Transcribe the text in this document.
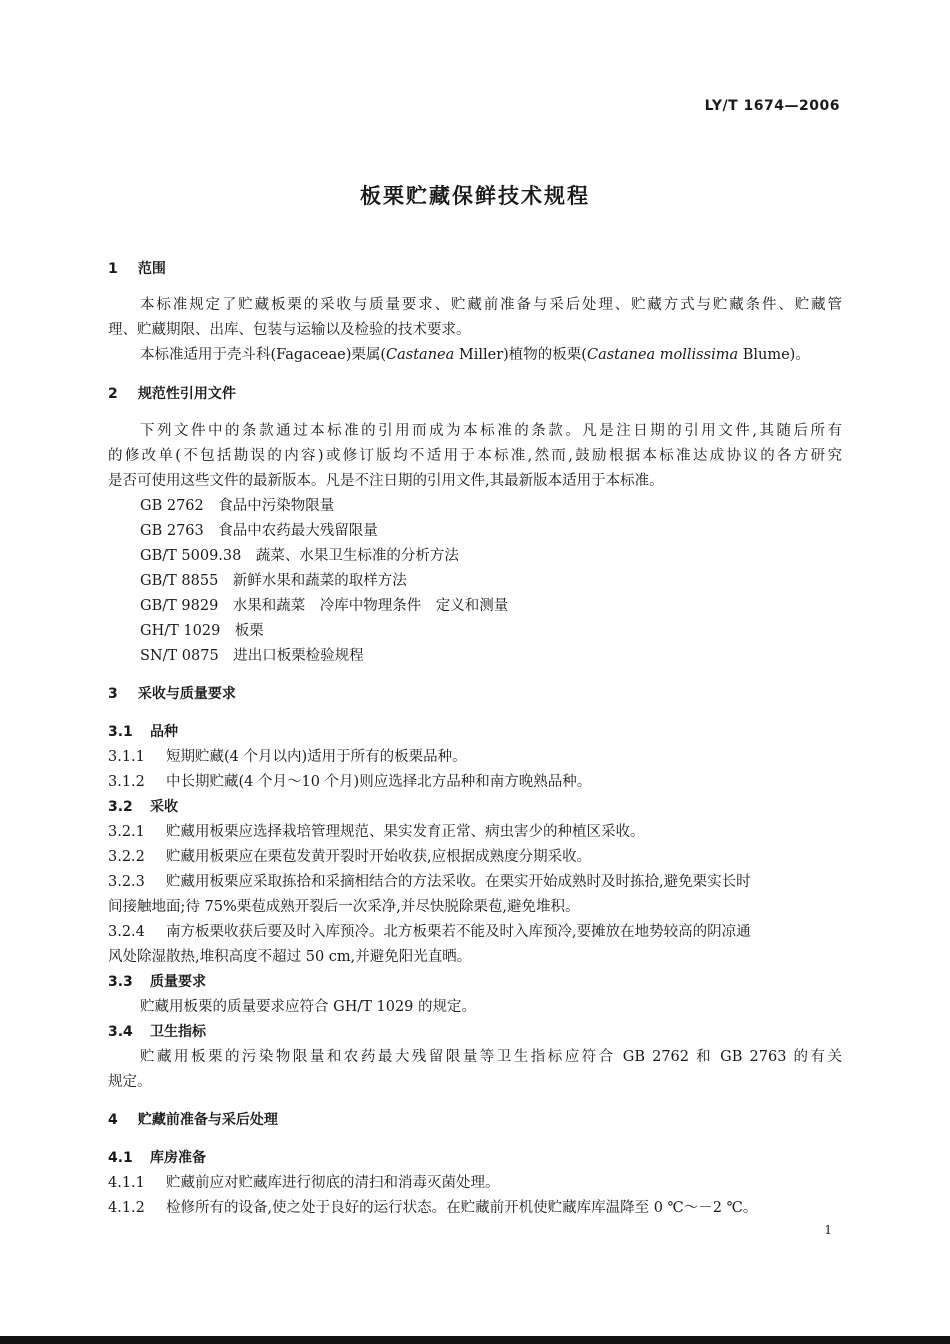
LY/T 1674—2006
板栗贮藏保鲜技术规程
1 范围
本标准规定了贮藏板栗的采收与质量要求、贮藏前准备与采后处理、贮藏方式与贮藏条件、贮藏管
理、贮藏期限、出库、包装与运输以及检验的技术要求。
本标准适用于壳斗科(Fagaceae)栗属(Castanea Miller)植物的板栗(Castanea mollissima Blume)。
2 规范性引用文件
下列文件中的条款通过本标准的引用而成为本标准的条款。凡是注日期的引用文件,其随后所有
的修改单(不包括勘误的内容)或修订版均不适用于本标准,然而,鼓励根据本标准达成协议的各方研究
是否可使用这些文件的最新版本。凡是不注日期的引用文件,其最新版本适用于本标准。
GB 2762　食品中污染物限量
GB 2763　食品中农药最大残留限量
GB/T 5009.38　蔬菜、水果卫生标准的分析方法
GB/T 8855　新鲜水果和蔬菜的取样方法
GB/T 9829　水果和蔬菜　冷库中物理条件　定义和测量
GH/T 1029　板栗
SN/T 0875　进出口板栗检验规程
3 采收与质量要求
3.1 品种
3.1.1 短期贮藏(4 个月以内)适用于所有的板栗品种。
3.1.2 中长期贮藏(4 个月～10 个月)则应选择北方品种和南方晚熟品种。
3.2 采收
3.2.1 贮藏用板栗应选择栽培管理规范、果实发育正常、病虫害少的种植区采收。
3.2.2 贮藏用板栗应在栗苞发黄开裂时开始收获,应根据成熟度分期采收。
3.2.3 贮藏用板栗应采取拣拾和采摘相结合的方法采收。在栗实开始成熟时及时拣拾,避免栗实长时
间接触地面;待 75%栗苞成熟开裂后一次采净,并尽快脱除栗苞,避免堆积。
3.2.4 南方板栗收获后要及时入库预冷。北方板栗若不能及时入库预冷,要摊放在地势较高的阴凉通
风处除湿散热,堆积高度不超过 50 cm,并避免阳光直晒。
3.3 质量要求
贮藏用板栗的质量要求应符合 GH/T 1029 的规定。
3.4 卫生指标
贮藏用板栗的污染物限量和农药最大残留限量等卫生指标应符合 GB 2762 和 GB 2763 的有关
规定。
4 贮藏前准备与采后处理
4.1 库房准备
4.1.1 贮藏前应对贮藏库进行彻底的清扫和消毒灭菌处理。
4.1.2 检修所有的设备,使之处于良好的运行状态。在贮藏前开机使贮藏库库温降至 0 ℃～－2 ℃。
1
